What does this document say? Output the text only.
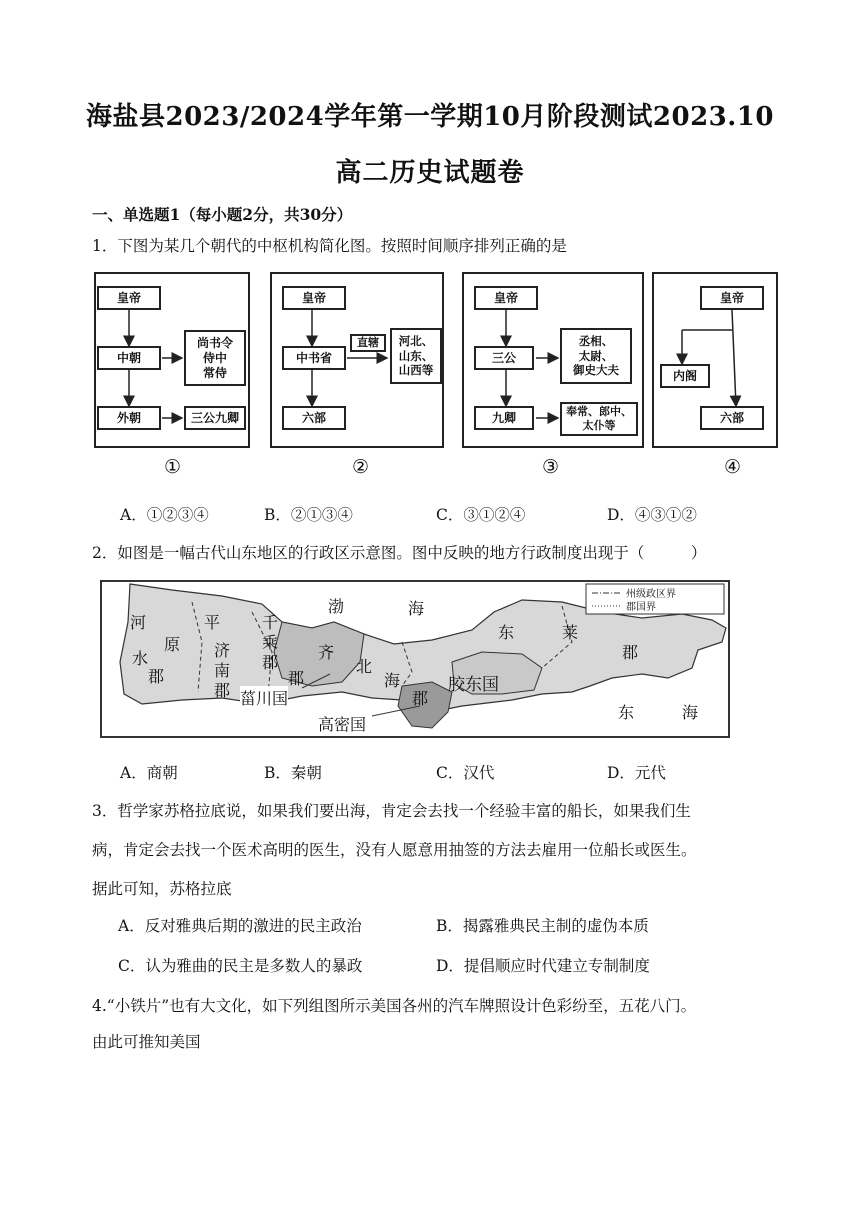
海盐县2023/2024学年第一学期10月阶段测试2023.10
高二历史试题卷
一、单选题1（每小题2分，共30分）
1．下图为某几个朝代的中枢机构简化图。按照时间顺序排列正确的是
皇帝
中朝
尚书令
侍中
常侍
外朝	三公九卿
皇帝
中书省
直辖	河北、
山东、
山西等
六部
皇帝
三公
丞相、
太尉、
御史大夫
九卿	奉常、郎中、
太仆等
皇帝
内阁
六部
①	②	③	④
A．①②③④	B．②①③④	C．③①②④	D．④③①②
2．如图是一幅古代山东地区的行政区示意图。图中反映的地方行政制度出现于（　　　）
州级政区界
郡国界
渤	海
河	平	千
原	乘
郡
水
郡
济
南
郡
齐
郡
北
海
郡
胶东国
东	莱
郡
东	海
菑川国
高密国
A．商朝	B．秦朝	C．汉代	D．元代
3．哲学家苏格拉底说，如果我们要出海，肯定会去找一个经验丰富的船长，如果我们生
病，肯定会去找一个医术高明的医生，没有人愿意用抽签的方法去雇用一位船长或医生。
据此可知，苏格拉底
A．反对雅典后期的激进的民主政治	B．揭露雅典民主制的虚伪本质
C．认为雅曲的民主是多数人的暴政	D．提倡顺应时代建立专制制度
4.“小铁片”也有大文化，如下列组图所示美国各州的汽车牌照设计色彩纷至，五花八门。
由此可推知美国
